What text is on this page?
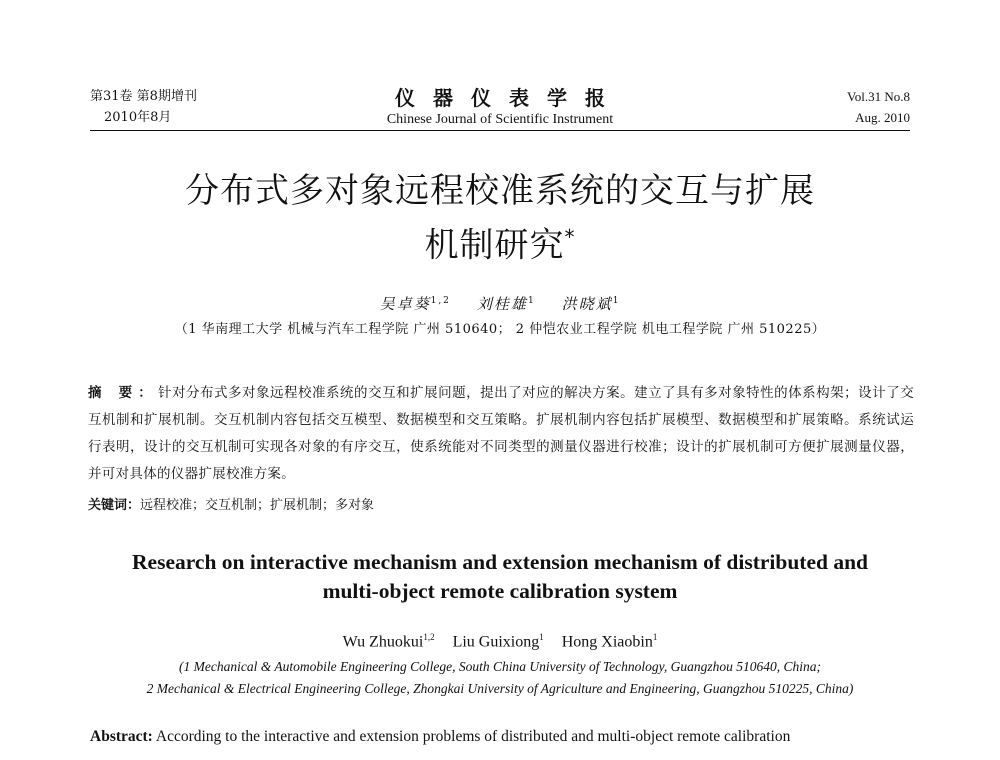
第31卷 第8期增刊
2010年8月
仪器仪表学报
Chinese Journal of Scientific Instrument
Vol.31 No.8
Aug. 2010
分布式多对象远程校准系统的交互与扩展
机制研究*
吴卓葵$^{1,2}$ 刘桂雄$^1$ 洪晓斌$^1$
（1 华南理工大学 机械与汽车工程学院 广州 510640； 2 仲恺农业工程学院 机电工程学院 广州 510225）
摘 要：针对分布式多对象远程校准系统的交互和扩展问题，提出了对应的解决方案。建立了具有多对象特性的体系构架；设计了交互机制和扩展机制。交互机制内容包括交互模型、数据模型和交互策略。扩展机制内容包括扩展模型、数据模型和扩展策略。系统试运行表明，设计的交互机制可实现各对象的有序交互，使系统能对不同类型的测量仪器进行校准；设计的扩展机制可方便扩展测量仪器，并可对具体的仪器扩展校准方案。
关键词：远程校准；交互机制；扩展机制；多对象
Research on interactive mechanism and extension mechanism of distributed and
multi-object remote calibration system
Wu Zhuokui$^{1,2}$ Liu Guixiong$^1$ Hong Xiaobin$^1$
(1 Mechanical & Automobile Engineering College, South China University of Technology, Guangzhou 510640, China;
2 Mechanical & Electrical Engineering College, Zhongkai University of Agriculture and Engineering, Guangzhou 510225, China)
Abstract: According to the interactive and extension problems of distributed and multi-object remote calibration
